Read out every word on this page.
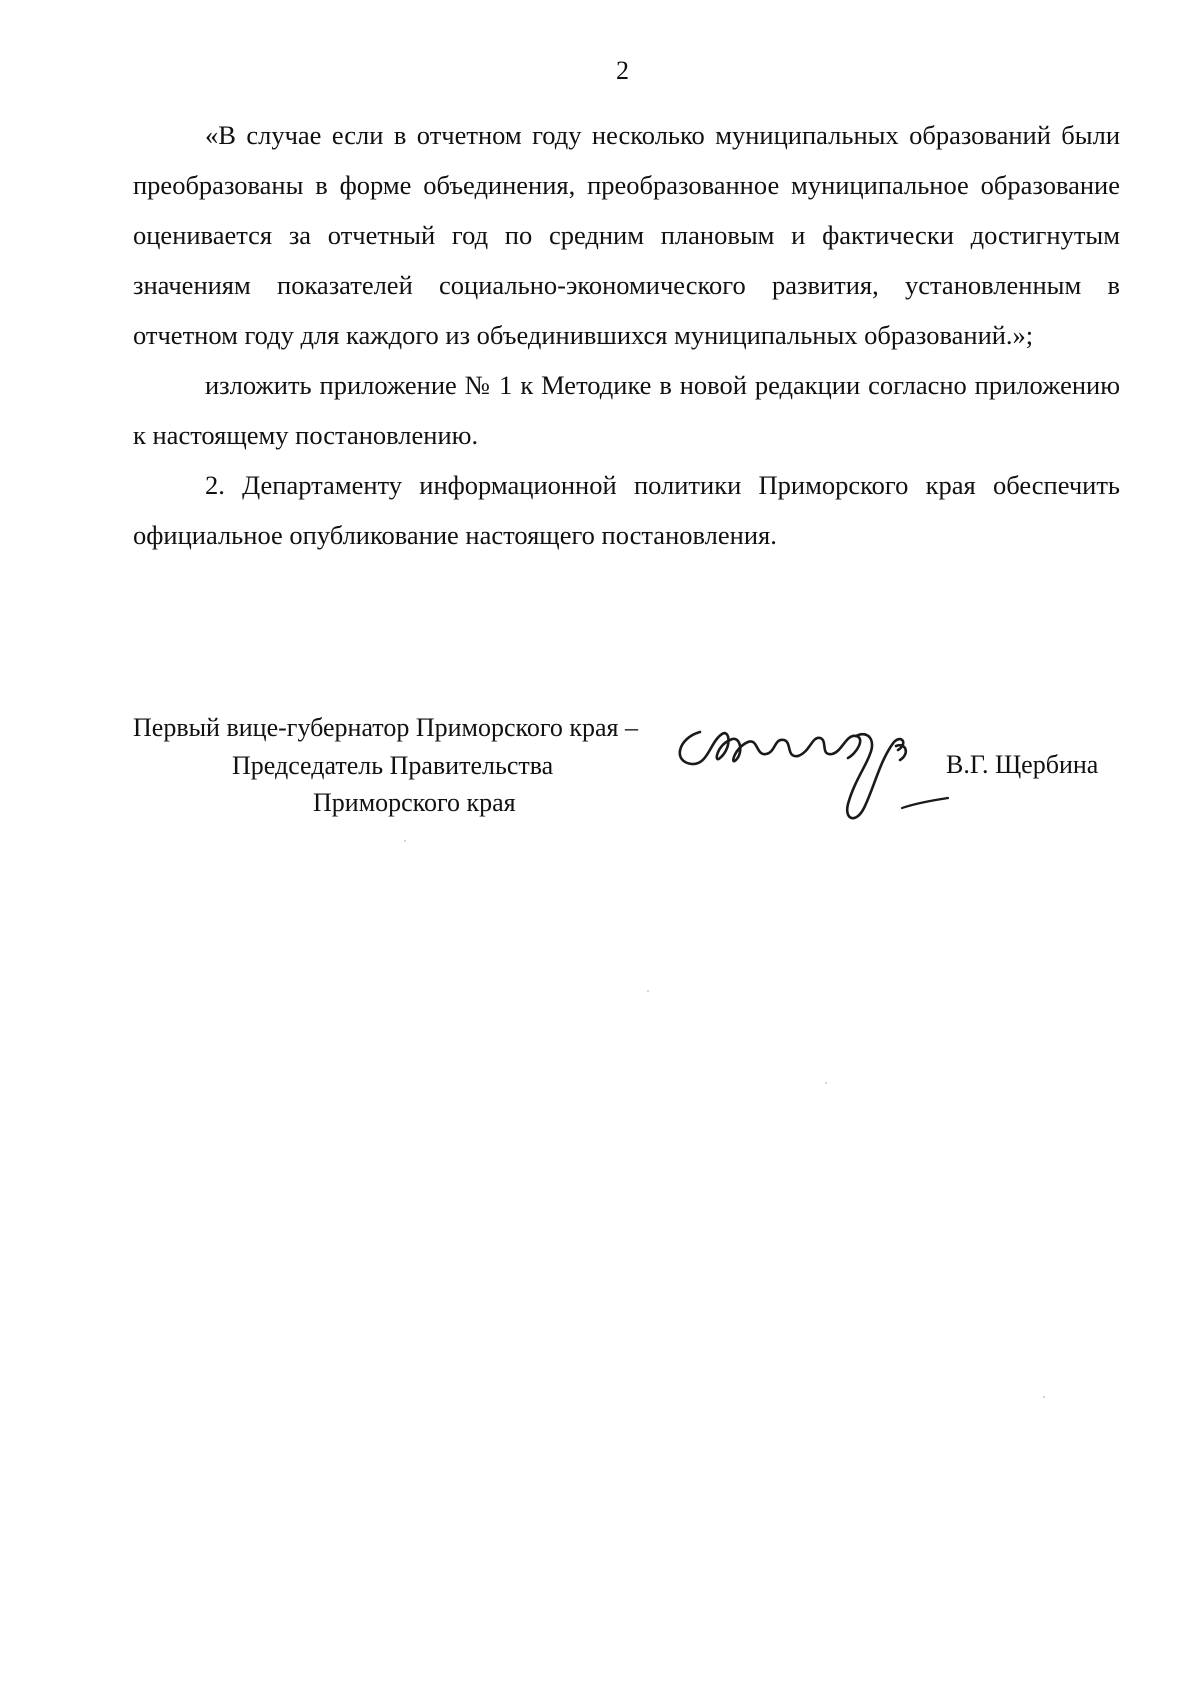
2

«В случае если в отчетном году несколько муниципальных образований были преобразованы в форме объединения, преобразованное муниципальное образование оценивается за отчетный год по средним плановым и фактически достигнутым значениям показателей социально-экономического развития, установленным в отчетном году для каждого из объединившихся муниципальных образований.»;

изложить приложение № 1 к Методике в новой редакции согласно приложению к настоящему постановлению.

2. Департаменту информационной политики Приморского края обеспечить официальное опубликование настоящего постановления.

Первый вице-губернатор Приморского края –
Председатель Правительства
Приморского края
В.Г. Щербина
